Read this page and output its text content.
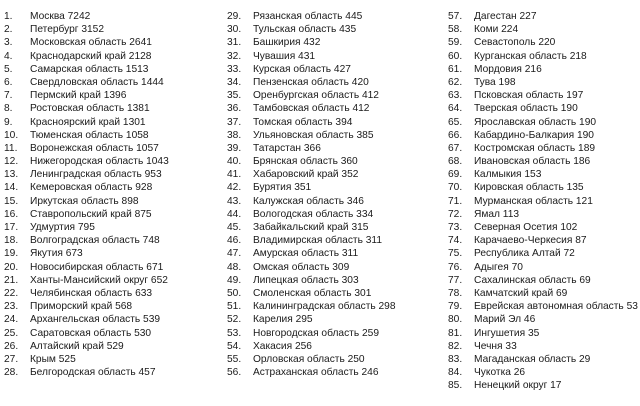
1. Москва 7242
2. Петербург 3152
3. Московская область 2641
4. Краснодарский край 2128
5. Самарская область 1513
6. Свердловская область 1444
7. Пермский край 1396
8. Ростовская область 1381
9. Красноярский край 1301
10. Тюменская область 1058
11. Воронежская область 1057
12. Нижегородская область 1043
13. Ленинградская область 953
14. Кемеровская область 928
15. Иркутская область 898
16. Ставропольский край 875
17. Удмуртия 795
18. Волгоградская область 748
19. Якутия 673
20. Новосибирская область 671
21. Ханты-Мансийский округ 652
22. Челябинская область 633
23. Приморский край 568
24. Архангельская область 539
25. Саратовская область 530
26. Алтайский край 529
27. Крым 525
28. Белгородская область 457
29. Рязанская область 445
30. Тульская область 435
31. Башкирия 432
32. Чувашия 431
33. Курская область 427
34. Пензенская область 420
35. Оренбургская область 412
36. Тамбовская область 412
37. Томская область 394
38. Ульяновская область 385
39. Татарстан 366
40. Брянская область 360
41. Хабаровский край 352
42. Бурятия 351
43. Калужская область 346
44. Вологодская область 334
45. Забайкальский край 315
46. Владимирская область 311
47. Амурская область 311
48. Омская область 309
49. Липецкая область 303
50. Смоленская область 301
51. Калининградская область 298
52. Карелия 295
53. Новгородская область 259
54. Хакасия 256
55. Орловская область 250
56. Астраханская область 246
57. Дагестан 227
58. Коми 224
59. Севастополь 220
60. Курганская область 218
61. Мордовия 216
62. Тува 198
63. Псковская область 197
64. Тверская область 190
65. Ярославская область 190
66. Кабардино-Балкария 190
67. Костромская область 189
68. Ивановская область 186
69. Калмыкия 153
70. Кировская область 135
71. Мурманская область 121
72. Ямал 113
73. Северная Осетия 102
74. Карачаево-Черкесия 87
75. Республика Алтай 72
76. Адыгея 70
77. Сахалинская область 69
78. Камчатский край 69
79. Еврейская автономная область 53
80. Марий Эл 46
81. Ингушетия 35
82. Чечня 33
83. Магаданская область 29
84. Чукотка 26
85. Ненецкий округ 17
